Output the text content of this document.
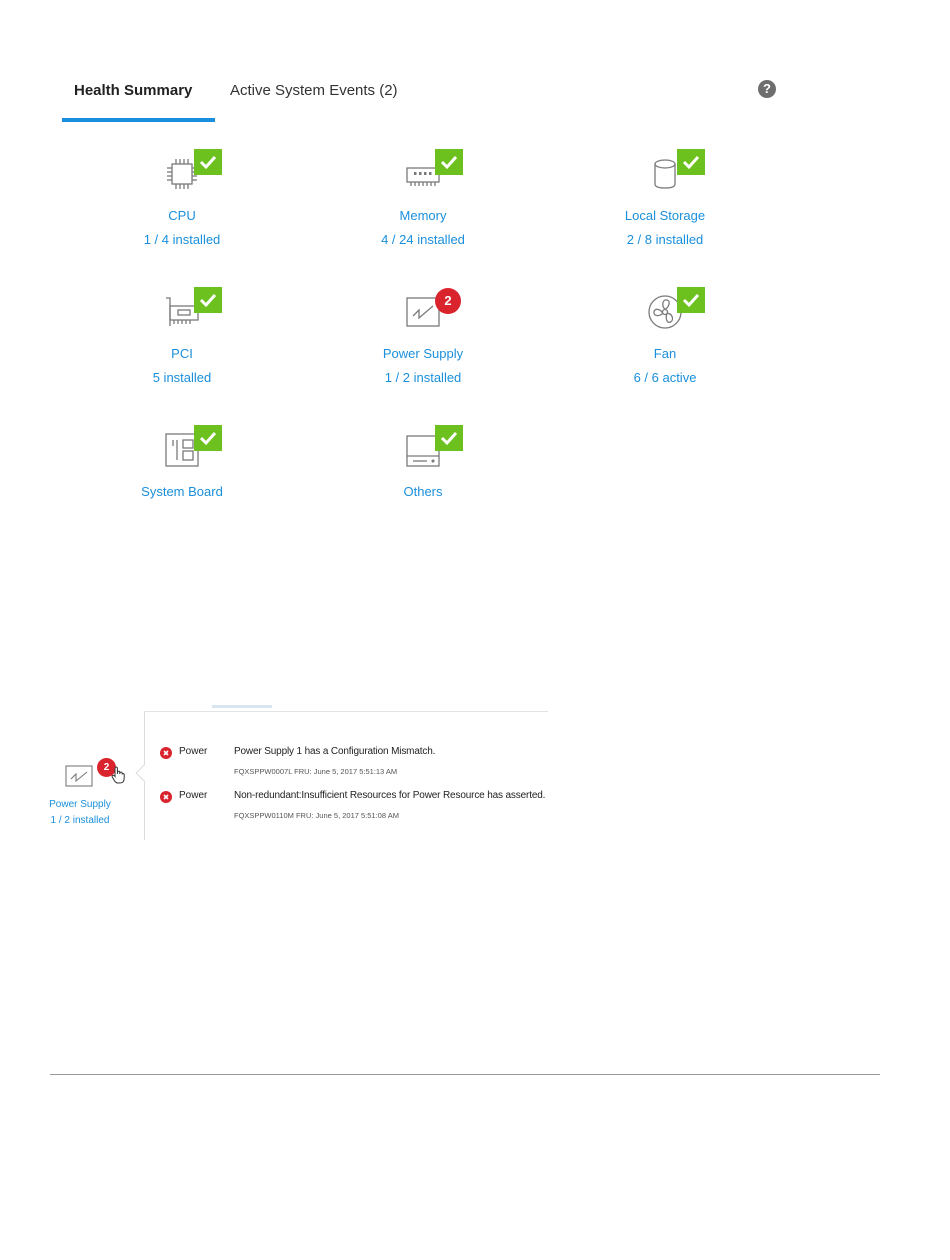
Health Summary	Active System Events (2)	?
CPU
1 / 4 installed
Memory
4 / 24 installed
Local Storage
2 / 8 installed
PCI
5 installed
2
Power Supply
1 / 2 installed
Fan
6 / 6 active
System Board	Others
2
Power Supply
1 / 2 installed
Power	Power Supply 1 has a Configuration Mismatch.
FQXSPPW0007L FRU: June 5, 2017 5:51:13 AM
Power	Non-redundant:Insufficient Resources for Power Resource has asserted.
FQXSPPW0110M FRU: June 5, 2017 5:51:08 AM
